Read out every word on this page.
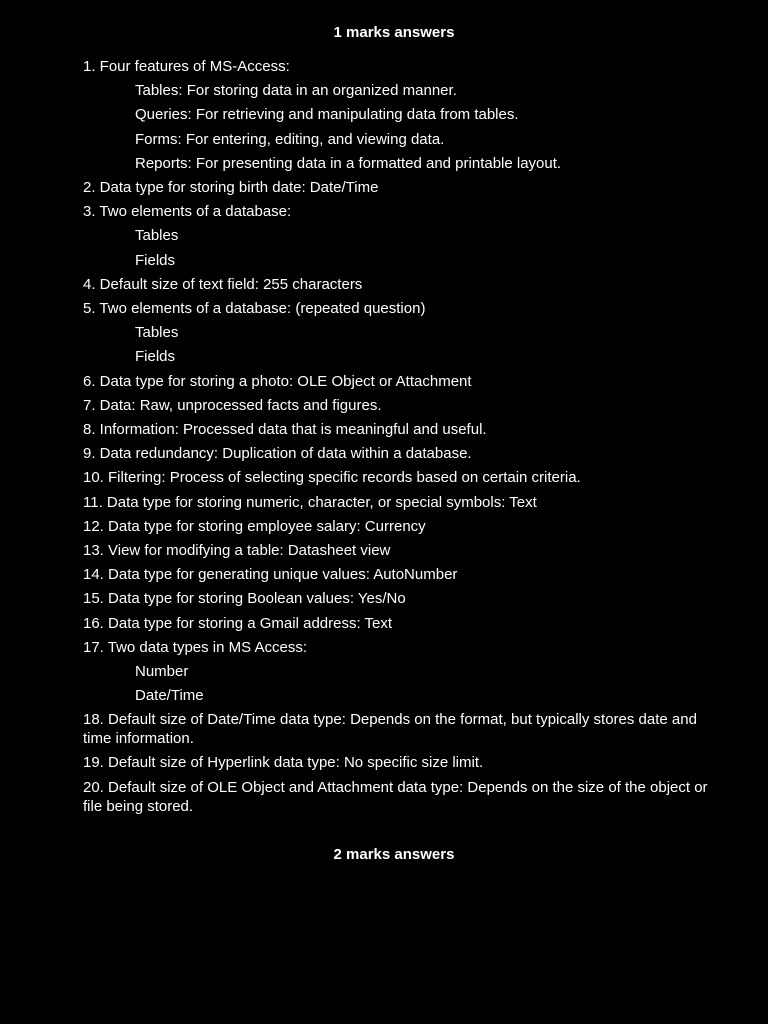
1 marks answers
1. Four features of MS-Access:
Tables: For storing data in an organized manner.
Queries: For retrieving and manipulating data from tables.
Forms: For entering, editing, and viewing data.
Reports: For presenting data in a formatted and printable layout.
2. Data type for storing birth date: Date/Time
3. Two elements of a database:
Tables
Fields
4. Default size of text field: 255 characters
5. Two elements of a database: (repeated question)
Tables
Fields
6. Data type for storing a photo: OLE Object or Attachment
7. Data: Raw, unprocessed facts and figures.
8. Information: Processed data that is meaningful and useful.
9. Data redundancy: Duplication of data within a database.
10. Filtering: Process of selecting specific records based on certain criteria.
11. Data type for storing numeric, character, or special symbols: Text
12. Data type for storing employee salary: Currency
13. View for modifying a table: Datasheet view
14. Data type for generating unique values: AutoNumber
15. Data type for storing Boolean values: Yes/No
16. Data type for storing a Gmail address: Text
17. Two data types in MS Access:
Number
Date/Time
18. Default size of Date/Time data type: Depends on the format, but typically stores date and time information.
19. Default size of Hyperlink data type: No specific size limit.
20. Default size of OLE Object and Attachment data type: Depends on the size of the object or file being stored.
2 marks answers
